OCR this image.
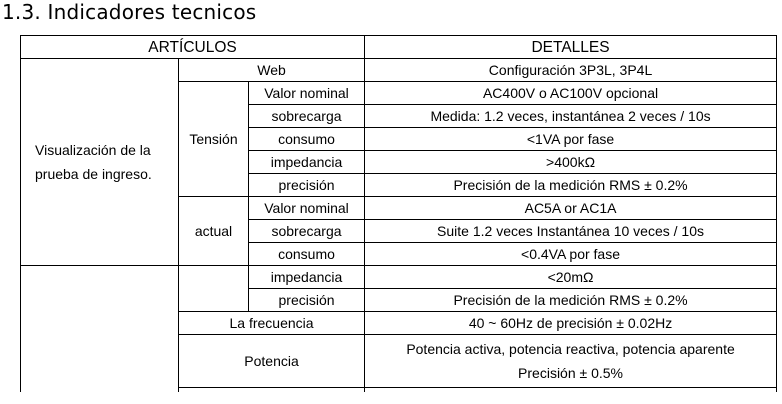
1.3. Indicadores tecnicos
ARTÍCULOS			DETALLES
Visualización de la prueba de ingreso.	Web		Configuración 3P3L, 3P4L
	Tensión	Valor nominal	AC400V o AC100V opcional
		sobrecarga	Medida: 1.2 veces, instantánea 2 veces / 10s
		consumo	<1VA por fase
		impedancia	>400kΩ
		precisión	Precisión de la medición RMS ± 0.2%
	actual	Valor nominal	AC5A or AC1A
		sobrecarga	Suite 1.2 veces Instantánea 10 veces / 10s
		consumo	<0.4VA por fase
		impedancia	<20mΩ
		precisión	Precisión de la medición RMS ± 0.2%
	La frecuencia		40 ~ 60Hz de precisión ± 0.02Hz
	Potencia		Potencia activa, potencia reactiva, potencia aparente
Precisión ± 0.5%
